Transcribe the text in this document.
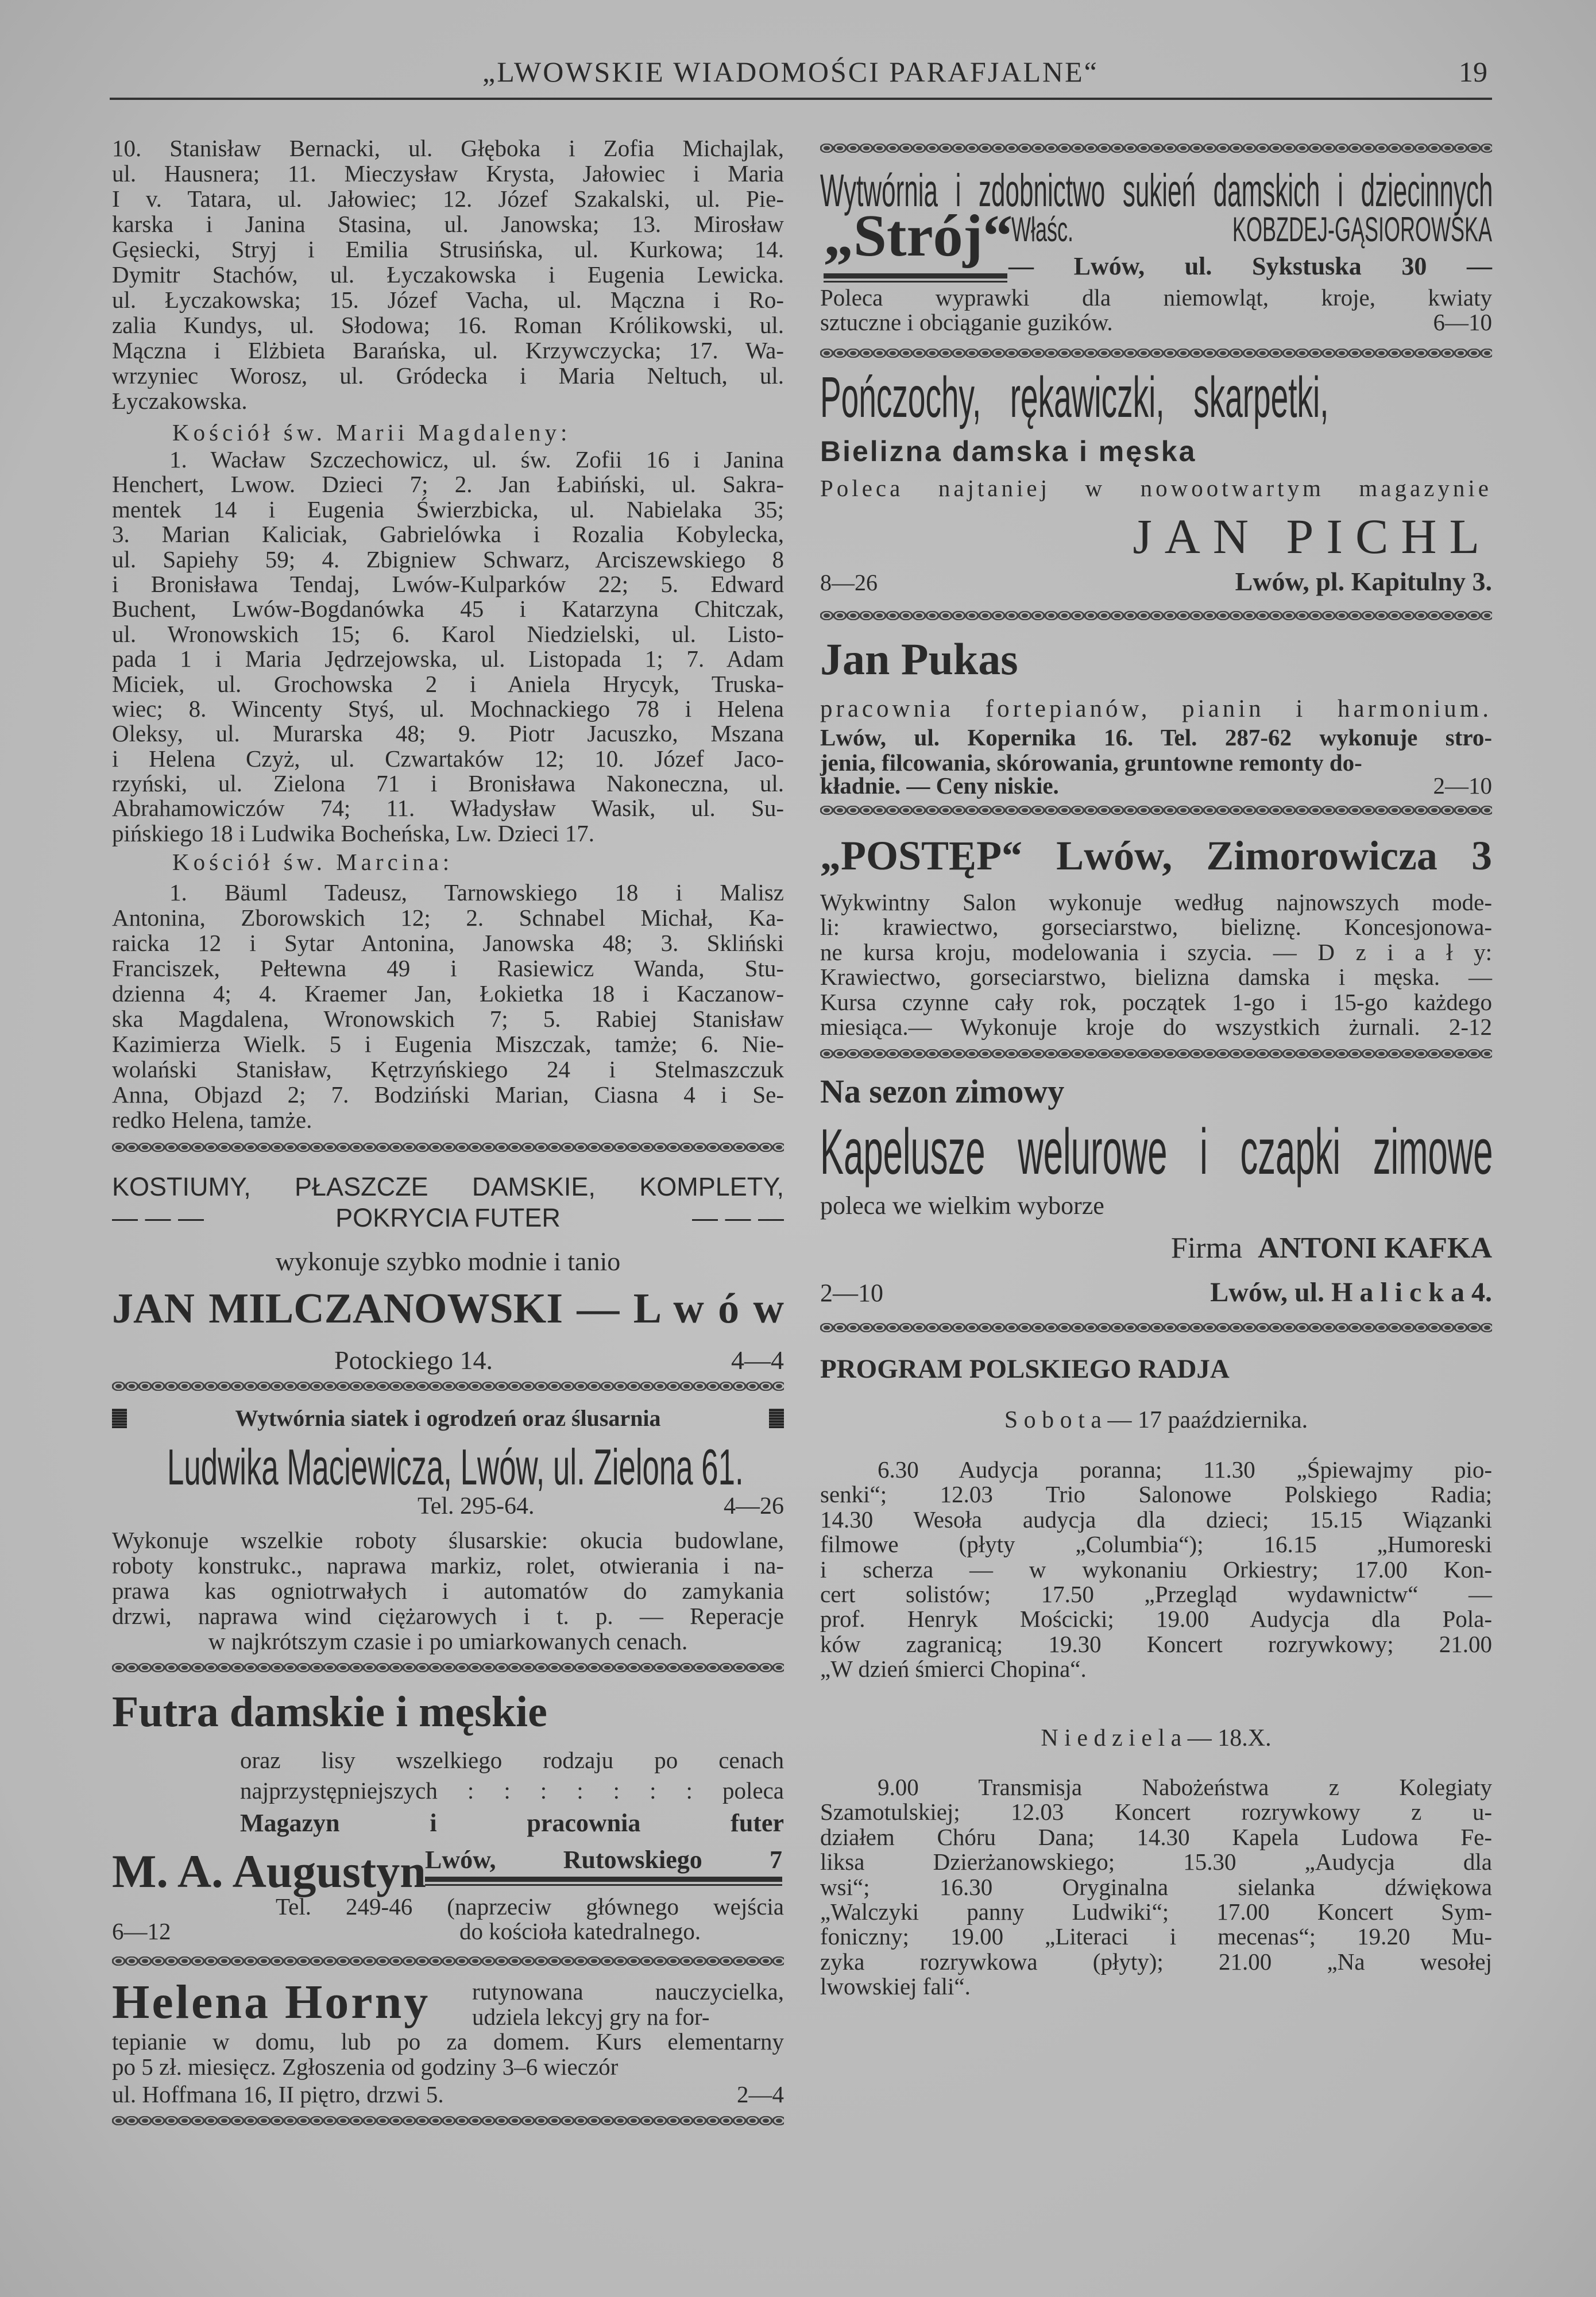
„LWOWSKIE WIADOMOŚCI PARAFJALNE“	19
10. Stanisław Bernacki, ul. Głęboka i Zofia Michajlak,
ul. Hausnera; 11. Mieczysław Krysta, Jałowiec i Maria
I v. Tatara, ul. Jałowiec; 12. Józef Szakalski, ul. Pie-
karska i Janina Stasina, ul. Janowska; 13. Mirosław
Gęsiecki, Stryj i Emilia Strusińska, ul. Kurkowa; 14.
Dymitr Stachów, ul. Łyczakowska i Eugenia Lewicka.
ul. Łyczakowska; 15. Józef Vacha, ul. Mączna i Ro-
zalia Kundys, ul. Słodowa; 16. Roman Królikowski, ul.
Mączna i Elżbieta Barańska, ul. Krzywczycka; 17. Wa-
wrzyniec Worosz, ul. Gródecka i Maria Neltuch, ul.
Łyczakowska.
Kościół św. Marii Magdaleny:
1. Wacław Szczechowicz, ul. św. Zofii 16 i Janina
Henchert, Lwow. Dzieci 7; 2. Jan Łabiński, ul. Sakra-
mentek 14 i Eugenia Świerzbicka, ul. Nabielaka 35;
3. Marian Kaliciak, Gabrielówka i Rozalia Kobylecka,
ul. Sapiehy 59; 4. Zbigniew Schwarz, Arciszewskiego 8
i Bronisława Tendaj, Lwów-Kulparków 22; 5. Edward
Buchent, Lwów-Bogdanówka 45 i Katarzyna Chitczak,
ul. Wronowskich 15; 6. Karol Niedzielski, ul. Listo-
pada 1 i Maria Jędrzejowska, ul. Listopada 1; 7. Adam
Miciek, ul. Grochowska 2 i Aniela Hrycyk, Truska-
wiec; 8. Wincenty Styś, ul. Mochnackiego 78 i Helena
Oleksy, ul. Murarska 48; 9. Piotr Jacuszko, Mszana
i Helena Czyż, ul. Czwartaków 12; 10. Józef Jaco-
rzyński, ul. Zielona 71 i Bronisława Nakoneczna, ul.
Abrahamowiczów 74; 11. Władysław Wasik, ul. Su-
pińskiego 18 i Ludwika Bocheńska, Lw. Dzieci 17.
Kościół św. Marcina:
1. Bäuml Tadeusz, Tarnowskiego 18 i Malisz
Antonina, Zborowskich 12; 2. Schnabel Michał, Ka-
raicka 12 i Sytar Antonina, Janowska 48; 3. Skliński
Franciszek, Pełtewna 49 i Rasiewicz Wanda, Stu-
dzienna 4; 4. Kraemer Jan, Łokietka 18 i Kaczanow-
ska Magdalena, Wronowskich 7; 5. Rabiej Stanisław
Kazimierza Wielk. 5 i Eugenia Miszczak, tamże; 6. Nie-
wolański Stanisław, Kętrzyńskiego 24 i Stelmaszczuk
Anna, Objazd 2; 7. Bodziński Marian, Ciasna 4 i Se-
redko Helena, tamże.
KOSTIUMY, PŁASZCZE DAMSKIE, KOMPLETY,
— — —	POKRYCIA FUTER	— — —
wykonuje szybko modnie i tanio
JAN MILCZANOWSKI — L w ó w
Potockiego 14.	4—4
Wytwórnia siatek i ogrodzeń oraz ślusarnia
Ludwika Maciewicza, Lwów, ul. Zielona 61.
Tel. 295-64.	4—26
Wykonuje wszelkie roboty ślusarskie: okucia budowlane,
roboty konstrukc., naprawa markiz, rolet, otwierania i na-
prawa kas ogniotrwałych i automatów do zamykania
drzwi, naprawa wind ciężarowych i t. p. — Reperacje
w najkrótszym czasie i po umiarkowanych cenach.
Futra damskie i męskie
oraz lisy wszelkiego rodzaju po cenach
najprzystępniejszych : : : : : : : poleca
Magazyn i pracownia futer
M. A. Augustyn
Lwów, Rutowskiego 7
Tel. 249-46 (naprzeciw głównego wejścia
6—12	do kościoła katedralnego.
Helena Horny rutynowana nauczycielka,
udziela lekcyj gry na for-
tepianie w domu, lub po za domem. Kurs elementarny
po 5 zł. miesięcz. Zgłoszenia od godziny 3–6 wieczór
ul. Hoffmana 16, II piętro, drzwi 5.	2—4
Wytwórnia i zdobnictwo sukień damskich i dziecinnych
„Strój“
Właśc. KOBZDEJ-GĄSIOROWSKA
— Lwów, ul. Sykstuska 30 —
Poleca wyprawki dla niemowląt, kroje, kwiaty
sztuczne i obciąganie guzików.	6—10
Pończochy, rękawiczki, skarpetki,
Bielizna damska i męska
Poleca najtaniej w nowootwartym magazynie
JAN PICHL
8—26	Lwów, pl. Kapitulny 3.
Jan Pukas
pracownia fortepianów, pianin i harmonium.
Lwów, ul. Kopernika 16. Tel. 287-62 wykonuje stro-
jenia, filcowania, skórowania, gruntowne remonty do-
kładnie. — Ceny niskie.	2—10
„POSTĘP“ Lwów, Zimorowicza 3
Wykwintny Salon wykonuje według najnowszych mode-
li: krawiectwo, gorseciarstwo, bieliznę. Koncesjonowa-
ne kursa kroju, modelowania i szycia. — D z i a ł y:
Krawiectwo, gorseciarstwo, bielizna damska i męska. —
Kursa czynne cały rok, początek 1-go i 15-go każdego
miesiąca.— Wykonuje kroje do wszystkich żurnali. 2-12
Na sezon zimowy
Kapelusze welurowe i czapki zimowe
poleca we wielkim wyborze
Firma ANTONI KAFKA
2—10	Lwów, ul. H a l i c k a 4.
PROGRAM POLSKIEGO RADJA
S o b o t a — 17 paaździernika.
6.30 Audycja poranna; 11.30 „Śpiewajmy pio-
senki“; 12.03 Trio Salonowe Polskiego Radia;
14.30 Wesoła audycja dla dzieci; 15.15 Wiązanki
filmowe (płyty „Columbia“); 16.15 „Humoreski
i scherza — w wykonaniu Orkiestry; 17.00 Kon-
cert solistów; 17.50 „Przegląd wydawnictw“ —
prof. Henryk Mościcki; 19.00 Audycja dla Pola-
ków zagranicą; 19.30 Koncert rozrywkowy; 21.00
„W dzień śmierci Chopina“.
N i e d z i e l a — 18.X.
9.00 Transmisja Nabożeństwa z Kolegiaty
Szamotulskiej; 12.03 Koncert rozrywkowy z u-
działem Chóru Dana; 14.30 Kapela Ludowa Fe-
liksa Dzierżanowskiego; 15.30 „Audycja dla
wsi“; 16.30 Oryginalna sielanka dźwiękowa
„Walczyki panny Ludwiki“; 17.00 Koncert Sym-
foniczny; 19.00 „Literaci i mecenas“; 19.20 Mu-
zyka rozrywkowa (płyty); 21.00 „Na wesołej
lwowskiej fali“.
